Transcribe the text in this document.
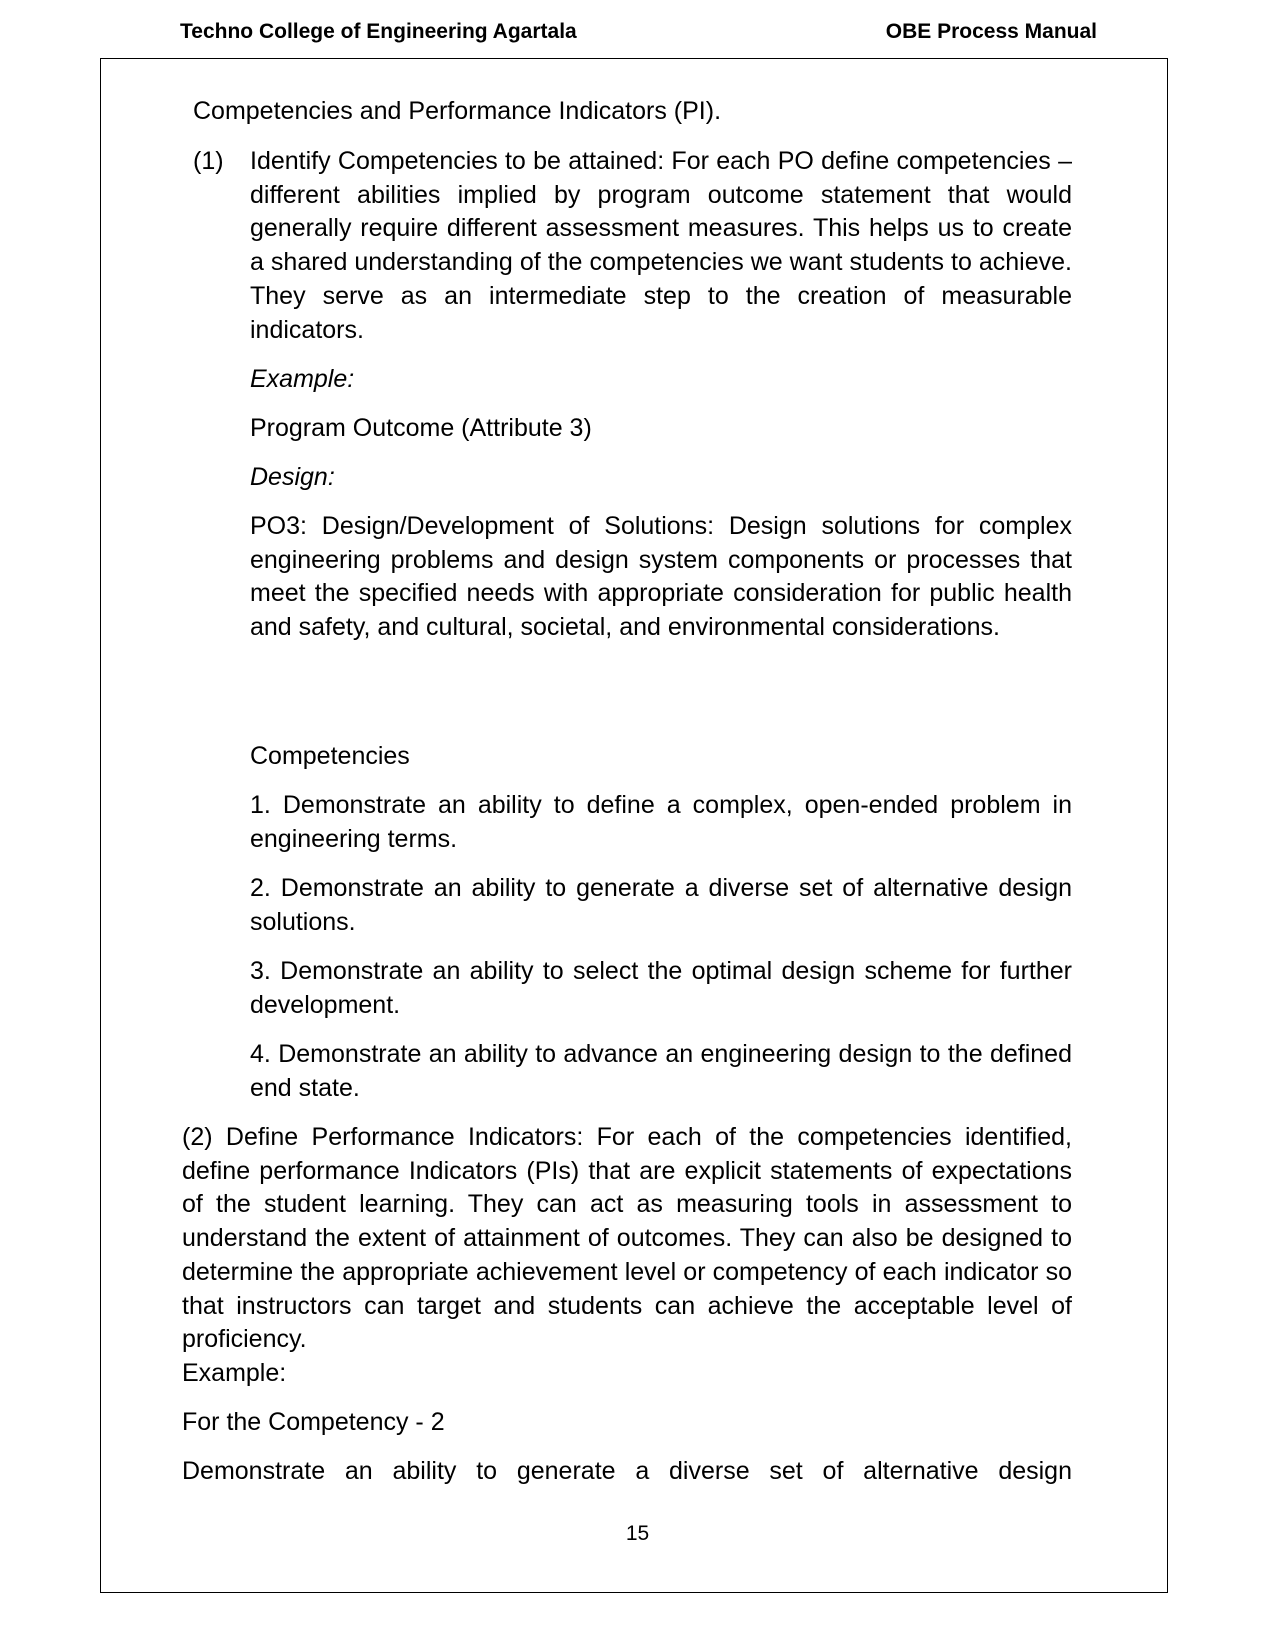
Techno College of Engineering Agartala	OBE Process Manual

Competencies and Performance Indicators (PI).

(1) Identify Competencies to be attained: For each PO define competencies –different abilities implied by program outcome statement that would generally require different assessment measures. This helps us to create a shared understanding of the competencies we want students to achieve. They serve as an intermediate step to the creation of measurable indicators.

Example:

Program Outcome (Attribute 3)

Design:

PO3: Design/Development of Solutions: Design solutions for complex engineering problems and design system components or processes that meet the specified needs with appropriate consideration for public health and safety, and cultural, societal, and environmental considerations.

Competencies

1. Demonstrate an ability to define a complex, open-ended problem in engineering terms.

2. Demonstrate an ability to generate a diverse set of alternative design solutions.

3. Demonstrate an ability to select the optimal design scheme for further development.

4. Demonstrate an ability to advance an engineering design to the defined end state.

(2) Define Performance Indicators: For each of the competencies identified, define performance Indicators (PIs) that are explicit statements of expectations of the student learning. They can act as measuring tools in assessment to understand the extent of attainment of outcomes. They can also be designed to determine the appropriate achievement level or competency of each indicator so that instructors can target and students can achieve the acceptable level of proficiency.

Example:

For the Competency - 2

Demonstrate an ability to generate a diverse set of alternative design

15
